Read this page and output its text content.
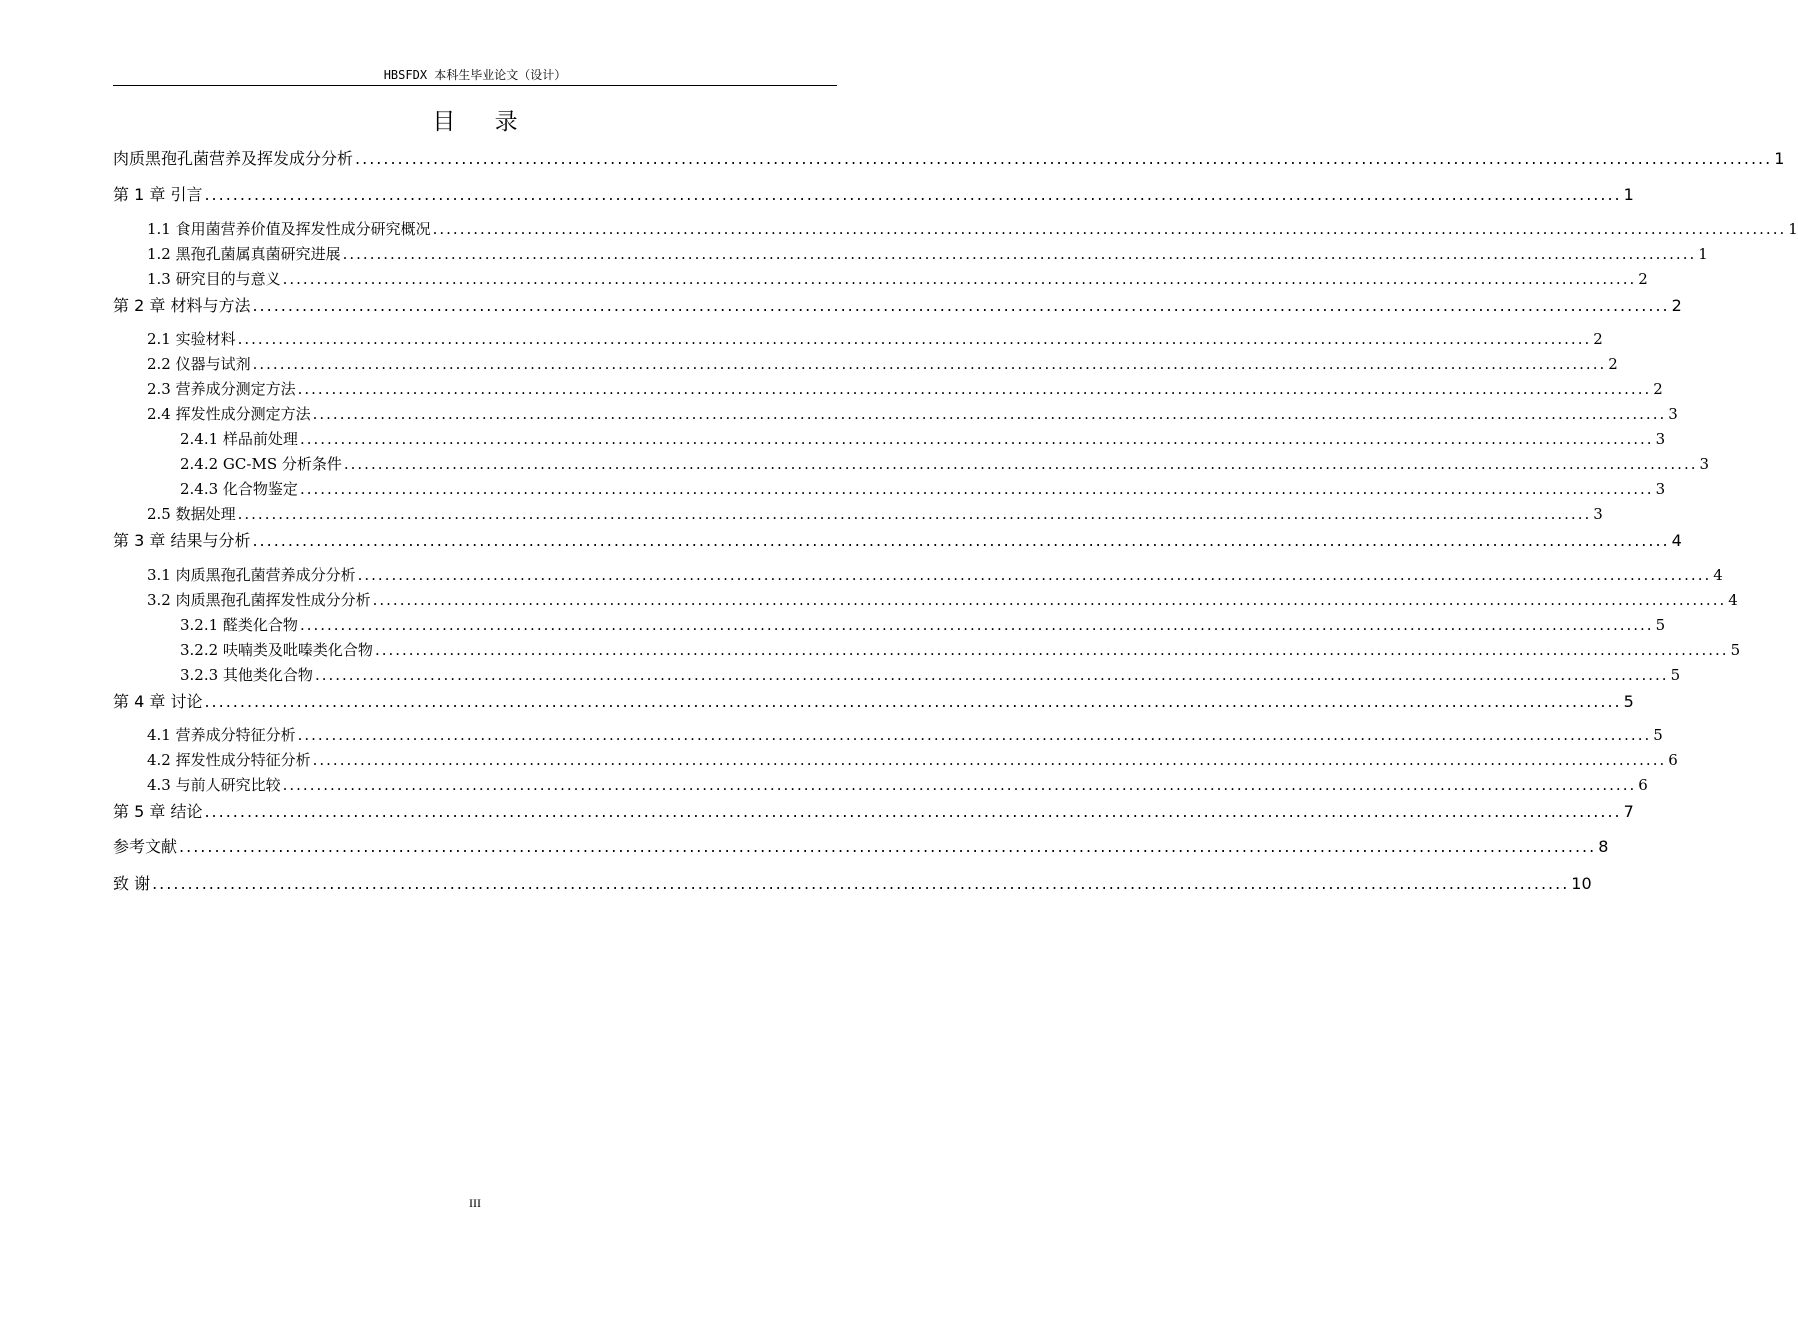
HBSFDX 本科生毕业论文（设计）
目 录
肉质黑孢孔菌营养及挥发成分分析 ........................................................................................................................................................................................................ 1
第 1 章 引言 ........................................................................................................................................................................................................ 1
1.1 食用菌营养价值及挥发性成分研究概况 ........................................................................................................................................................................................................ 1
1.2 黑孢孔菌属真菌研究进展 ........................................................................................................................................................................................................ 1
1.3 研究目的与意义 ........................................................................................................................................................................................................ 2
第 2 章 材料与方法 ........................................................................................................................................................................................................ 2
2.1 实验材料 ........................................................................................................................................................................................................ 2
2.2 仪器与试剂 ........................................................................................................................................................................................................ 2
2.3 营养成分测定方法 ........................................................................................................................................................................................................ 2
2.4 挥发性成分测定方法 ........................................................................................................................................................................................................ 3
2.4.1 样品前处理 ........................................................................................................................................................................................................ 3
2.4.2 GC-MS 分析条件 ........................................................................................................................................................................................................ 3
2.4.3 化合物鉴定 ........................................................................................................................................................................................................ 3
2.5 数据处理 ........................................................................................................................................................................................................ 3
第 3 章 结果与分析 ........................................................................................................................................................................................................ 4
3.1 肉质黑孢孔菌营养成分分析 ........................................................................................................................................................................................................ 4
3.2 肉质黑孢孔菌挥发性成分分析 ........................................................................................................................................................................................................ 4
3.2.1 醛类化合物 ........................................................................................................................................................................................................ 5
3.2.2 呋喃类及吡嗪类化合物 ........................................................................................................................................................................................................ 5
3.2.3 其他类化合物 ........................................................................................................................................................................................................ 5
第 4 章 讨论 ........................................................................................................................................................................................................ 5
4.1 营养成分特征分析 ........................................................................................................................................................................................................ 5
4.2 挥发性成分特征分析 ........................................................................................................................................................................................................ 6
4.3 与前人研究比较 ........................................................................................................................................................................................................ 6
第 5 章 结论 ........................................................................................................................................................................................................ 7
参考文献 ........................................................................................................................................................................................................ 8
致 谢 ........................................................................................................................................................................................................ 10
III
